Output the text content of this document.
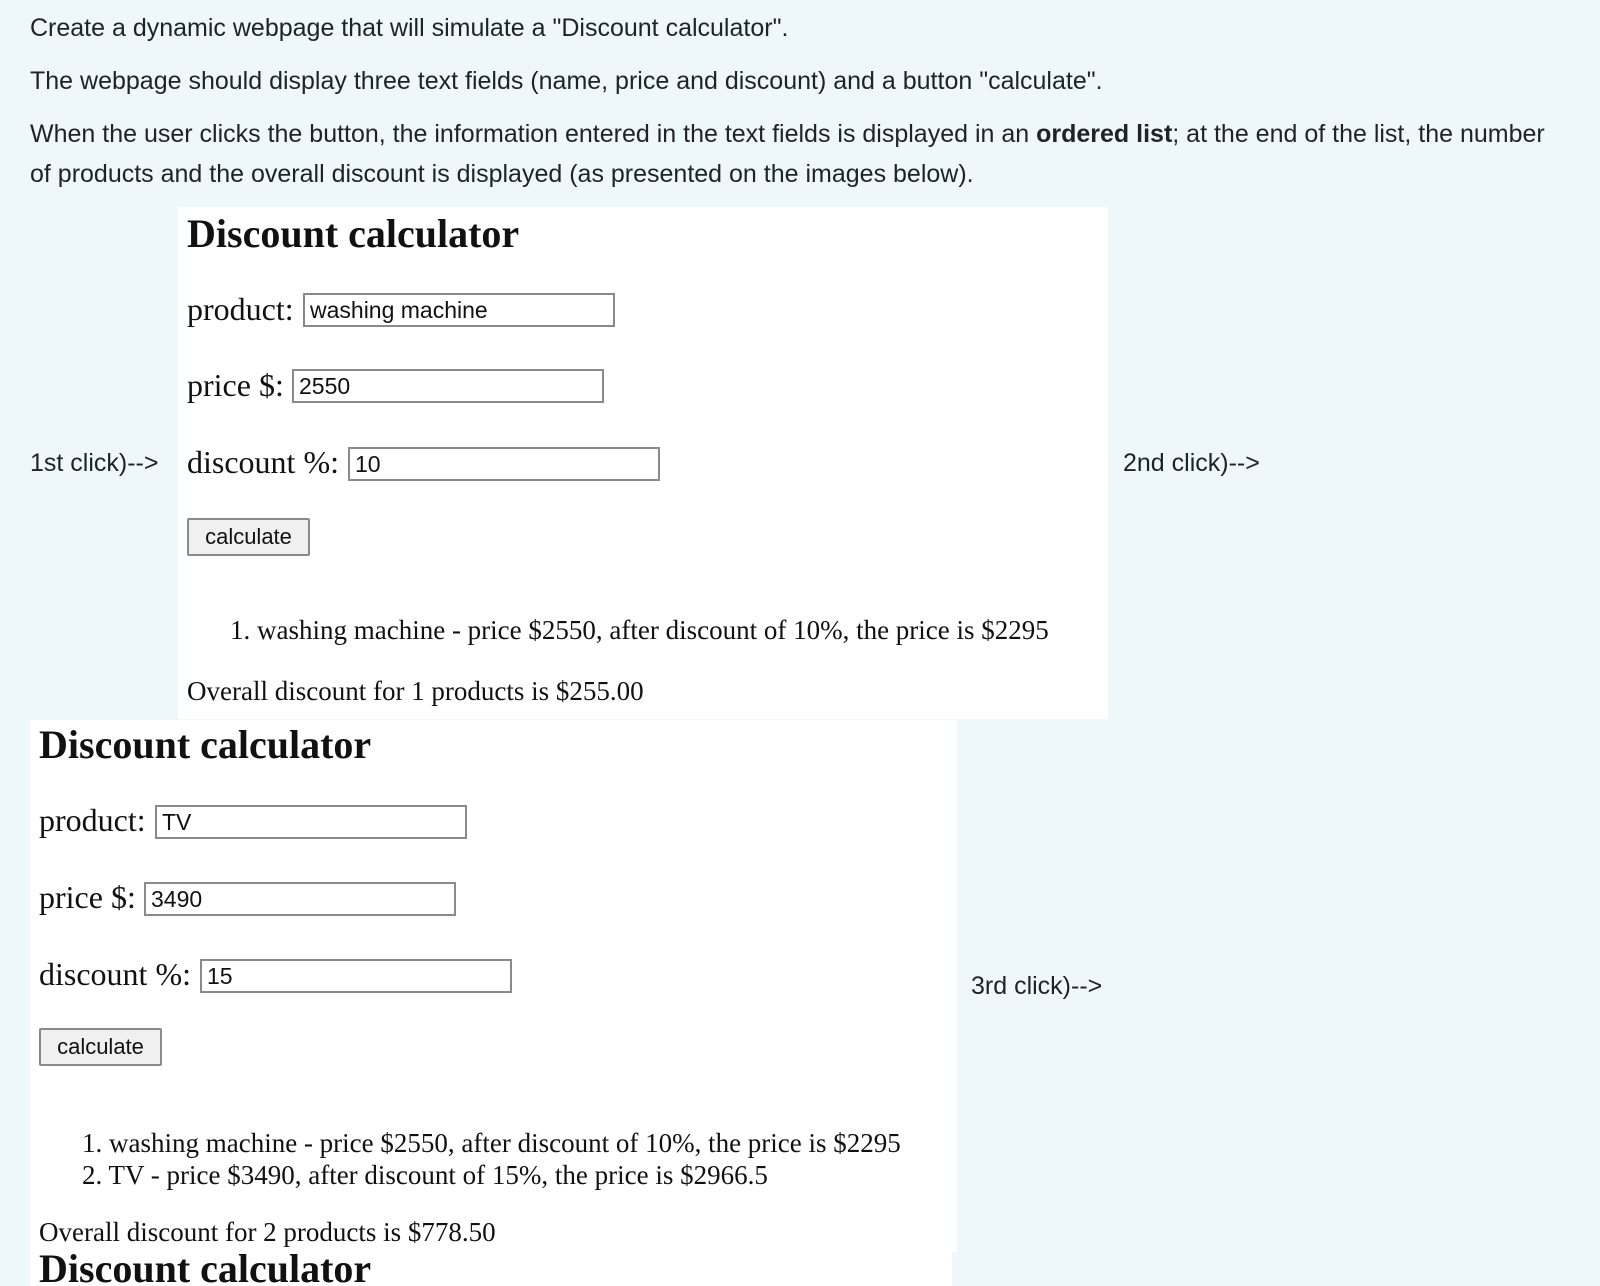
Create a dynamic webpage that will simulate a "Discount calculator".

The webpage should display three text fields (name, price and discount) and a button "calculate".

When the user clicks the button, the information entered in the text fields is displayed in an ordered list; at the end of the list, the number of products and the overall discount is displayed (as presented on the images below).

1st click)-->	2nd click)-->
3rd click)-->
Discount calculator
product:
washing machine
price $:
2550
discount %:
10
calculate
1. washing machine - price $2550, after discount of 10%, the price is $2295
Overall discount for 1 products is $255.00
Discount calculator
product:
TV
price $:
3490
discount %:
15
calculate
1. washing machine - price $2550, after discount of 10%, the price is $2295
2. TV - price $3490, after discount of 15%, the price is $2966.5
Overall discount for 2 products is $778.50
Discount calculator
